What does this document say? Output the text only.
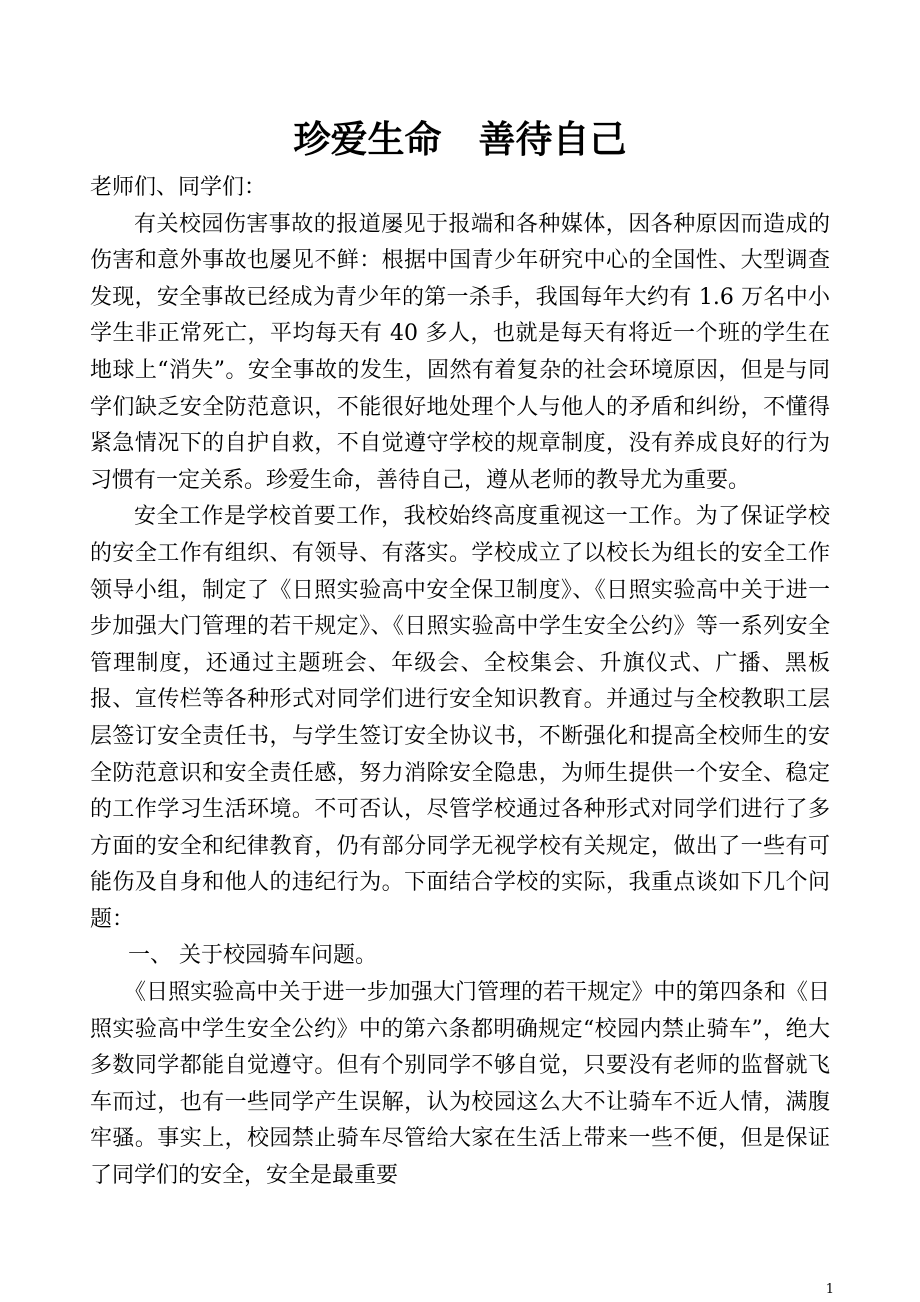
珍爱生命　善待自己

老师们、同学们：

有关校园伤害事故的报道屡见于报端和各种媒体，因各种原因而造成的伤害和意外事故也屡见不鲜：根据中国青少年研究中心的全国性、大型调查发现，安全事故已经成为青少年的第一杀手，我国每年大约有 1.6 万名中小学生非正常死亡，平均每天有 40 多人，也就是每天有将近一个班的学生在地球上“消失”。安全事故的发生，固然有着复杂的社会环境原因，但是与同学们缺乏安全防范意识，不能很好地处理个人与他人的矛盾和纠纷，不懂得紧急情况下的自护自救，不自觉遵守学校的规章制度，没有养成良好的行为习惯有一定关系。珍爱生命，善待自己，遵从老师的教导尤为重要。

安全工作是学校首要工作，我校始终高度重视这一工作。为了保证学校的安全工作有组织、有领导、有落实。学校成立了以校长为组长的安全工作领导小组，制定了《日照实验高中安全保卫制度》、《日照实验高中关于进一步加强大门管理的若干规定》、《日照实验高中学生安全公约》等一系列安全管理制度，还通过主题班会、年级会、全校集会、升旗仪式、广播、黑板报、宣传栏等各种形式对同学们进行安全知识教育。并通过与全校教职工层层签订安全责任书，与学生签订安全协议书，不断强化和提高全校师生的安全防范意识和安全责任感，努力消除安全隐患，为师生提供一个安全、稳定的工作学习生活环境。不可否认，尽管学校通过各种形式对同学们进行了多方面的安全和纪律教育，仍有部分同学无视学校有关规定，做出了一些有可能伤及自身和他人的违纪行为。下面结合学校的实际，我重点谈如下几个问题：

一、 关于校园骑车问题。

《日照实验高中关于进一步加强大门管理的若干规定》中的第四条和《日照实验高中学生安全公约》中的第六条都明确规定“校园内禁止骑车”，绝大多数同学都能自觉遵守。但有个别同学不够自觉，只要没有老师的监督就飞车而过，也有一些同学产生误解，认为校园这么大不让骑车不近人情，满腹牢骚。事实上，校园禁止骑车尽管给大家在生活上带来一些不便，但是保证了同学们的安全，安全是最重要

1
